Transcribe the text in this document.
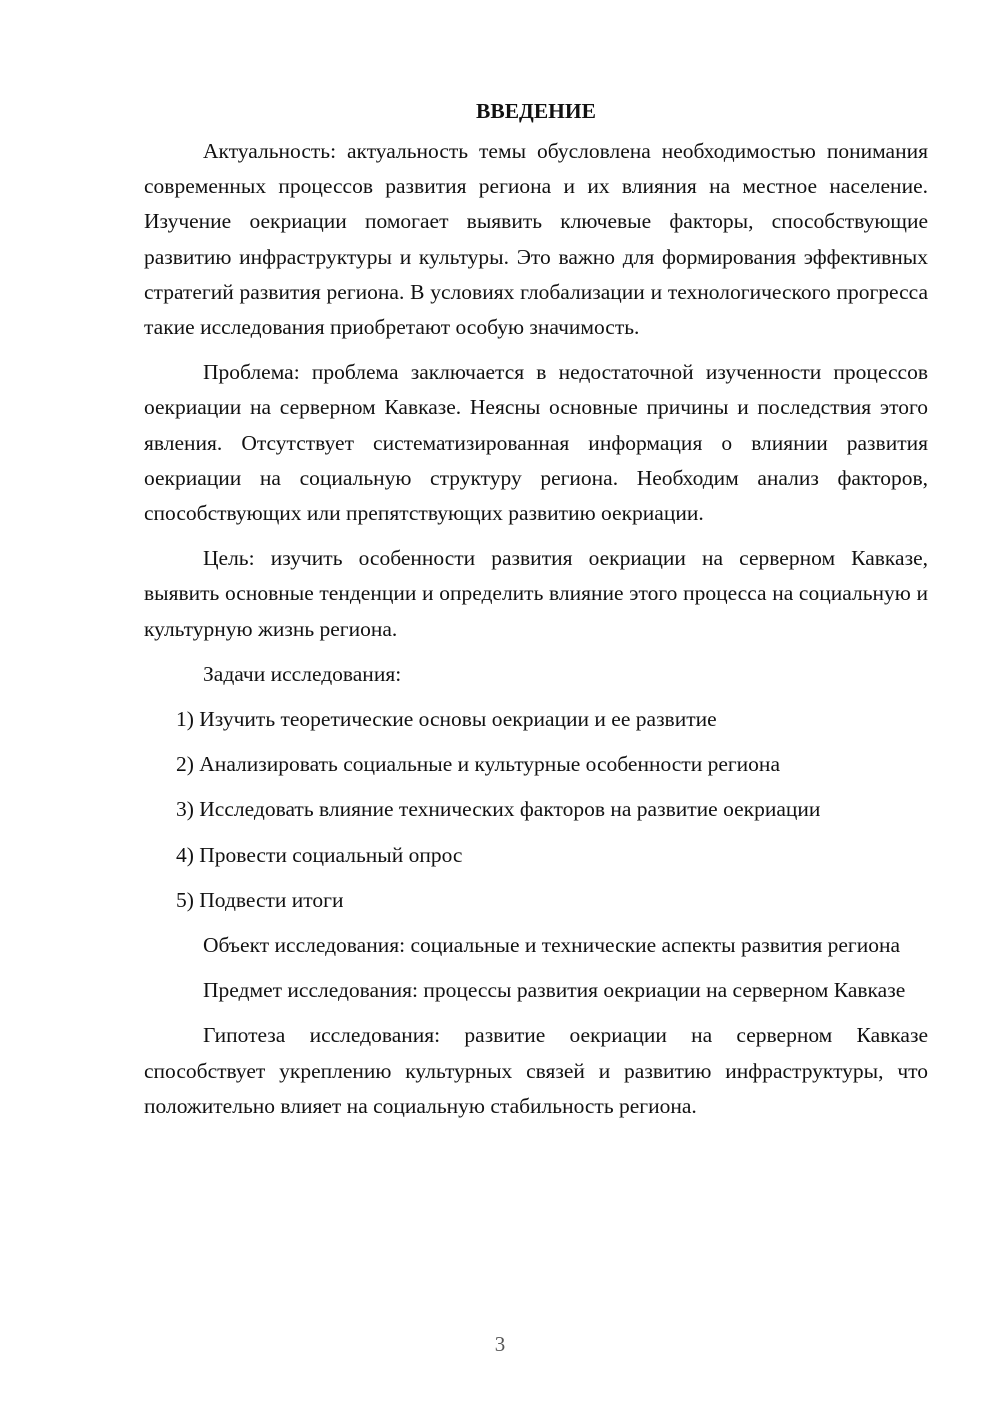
ВВЕДЕНИЕ
Актуальность: актуальность темы обусловлена необходимостью понимания современных процессов развития региона и их влияния на местное население. Изучение оекриации помогает выявить ключевые факторы, способствующие развитию инфраструктуры и культуры. Это важно для формирования эффективных стратегий развития региона. В условиях глобализации и технологического прогресса такие исследования приобретают особую значимость.
Проблема: проблема заключается в недостаточной изученности процессов оекриации на серверном Кавказе. Неясны основные причины и последствия этого явления. Отсутствует систематизированная информация о влиянии развития оекриации на социальную структуру региона. Необходим анализ факторов, способствующих или препятствующих развитию оекриации.
Цель: изучить особенности развития оекриации на серверном Кавказе, выявить основные тенденции и определить влияние этого процесса на социальную и культурную жизнь региона.
Задачи исследования:
1) Изучить теоретические основы оекриации и ее развитие
2) Анализировать социальные и культурные особенности региона
3) Исследовать влияние технических факторов на развитие оекриации
4) Провести социальный опрос
5) Подвести итоги
Объект исследования: социальные и технические аспекты развития региона
Предмет исследования: процессы развития оекриации на серверном Кавказе
Гипотеза исследования: развитие оекриации на серверном Кавказе способствует укреплению культурных связей и развитию инфраструктуры, что положительно влияет на социальную стабильность региона.
3
